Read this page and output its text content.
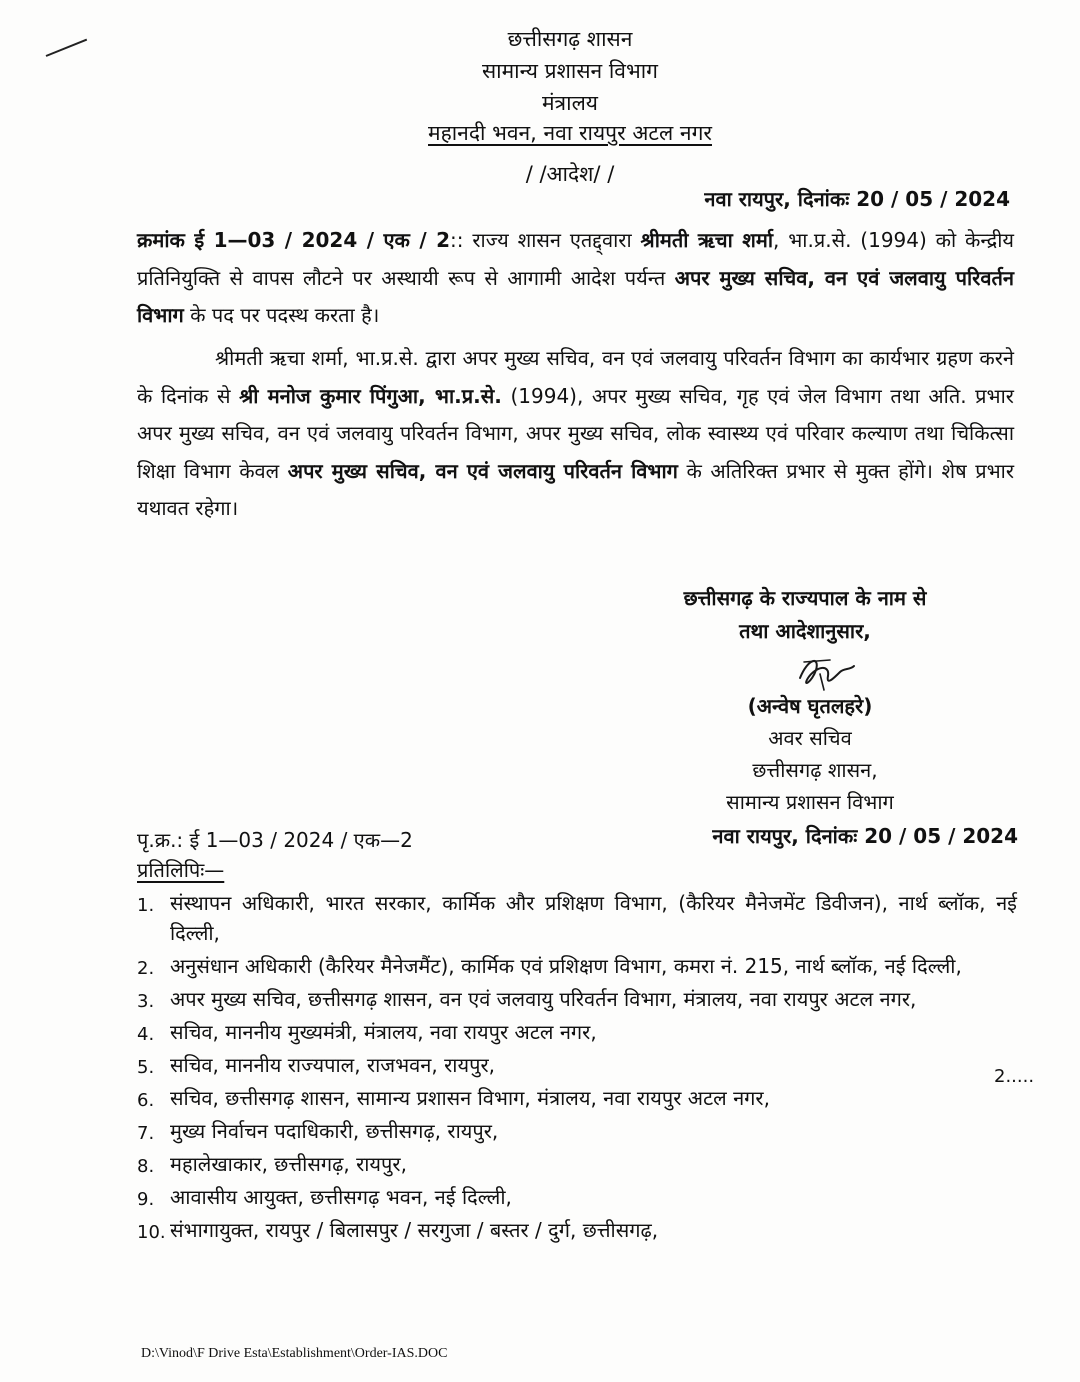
छत्तीसगढ़ शासन
सामान्य प्रशासन विभाग
मंत्रालय
महानदी भवन, नवा रायपुर अटल नगर
/ /आदेश/ /
नवा रायपुर, दिनांकः 20 / 05 / 2024
क्रमांक ई 1—03 / 2024 / एक / 2:: राज्य शासन एतद्द्वारा श्रीमती ऋचा शर्मा, भा.प्र.से. (1994) को केन्द्रीय प्रतिनियुक्ति से वापस लौटने पर अस्थायी रूप से आगामी आदेश पर्यन्त अपर मुख्य सचिव, वन एवं जलवायु परिवर्तन विभाग के पद पर पदस्थ करता है।
श्रीमती ऋचा शर्मा, भा.प्र.से. द्वारा अपर मुख्य सचिव, वन एवं जलवायु परिवर्तन विभाग का कार्यभार ग्रहण करने के दिनांक से श्री मनोज कुमार पिंगुआ, भा.प्र.से. (1994), अपर मुख्य सचिव, गृह एवं जेल विभाग तथा अति. प्रभार अपर मुख्य सचिव, वन एवं जलवायु परिवर्तन विभाग, अपर मुख्य सचिव, लोक स्वास्थ्य एवं परिवार कल्याण तथा चिकित्सा शिक्षा विभाग केवल अपर मुख्य सचिव, वन एवं जलवायु परिवर्तन विभाग के अतिरिक्त प्रभार से मुक्त होंगे। शेष प्रभार यथावत रहेगा।
छत्तीसगढ़ के राज्यपाल के नाम से
तथा आदेशानुसार,
(अन्वेष घृतलहरे)
अवर सचिव
छत्तीसगढ़ शासन,
सामान्य प्रशासन विभाग
पृ.क्र.: ई 1—03 / 2024 / एक—2	नवा रायपुर, दिनांकः 20 / 05 / 2024
प्रतिलिपिः—
1. संस्थापन अधिकारी, भारत सरकार, कार्मिक और प्रशिक्षण विभाग, (कैरियर मैनेजमेंट डिवीजन), नार्थ ब्लॉक, नई दिल्ली,
2. अनुसंधान अधिकारी (कैरियर मैनेजमैंट), कार्मिक एवं प्रशिक्षण विभाग, कमरा नं. 215, नार्थ ब्लॉक, नई दिल्ली,
3. अपर मुख्य सचिव, छत्तीसगढ़ शासन, वन एवं जलवायु परिवर्तन विभाग, मंत्रालय, नवा रायपुर अटल नगर,
4. सचिव, माननीय मुख्यमंत्री, मंत्रालय, नवा रायपुर अटल नगर,
5. सचिव, माननीय राज्यपाल, राजभवन, रायपुर,
6. सचिव, छत्तीसगढ़ शासन, सामान्य प्रशासन विभाग, मंत्रालय, नवा रायपुर अटल नगर,
7. मुख्य निर्वाचन पदाधिकारी, छत्तीसगढ़, रायपुर,
8. महालेखाकार, छत्तीसगढ़, रायपुर,
9. आवासीय आयुक्त, छत्तीसगढ़ भवन, नई दिल्ली,
10. संभागायुक्त, रायपुर / बिलासपुर / सरगुजा / बस्तर / दुर्ग, छत्तीसगढ़,
2.....
D:\Vinod\F Drive Esta\Establishment\Order-IAS.DOC
